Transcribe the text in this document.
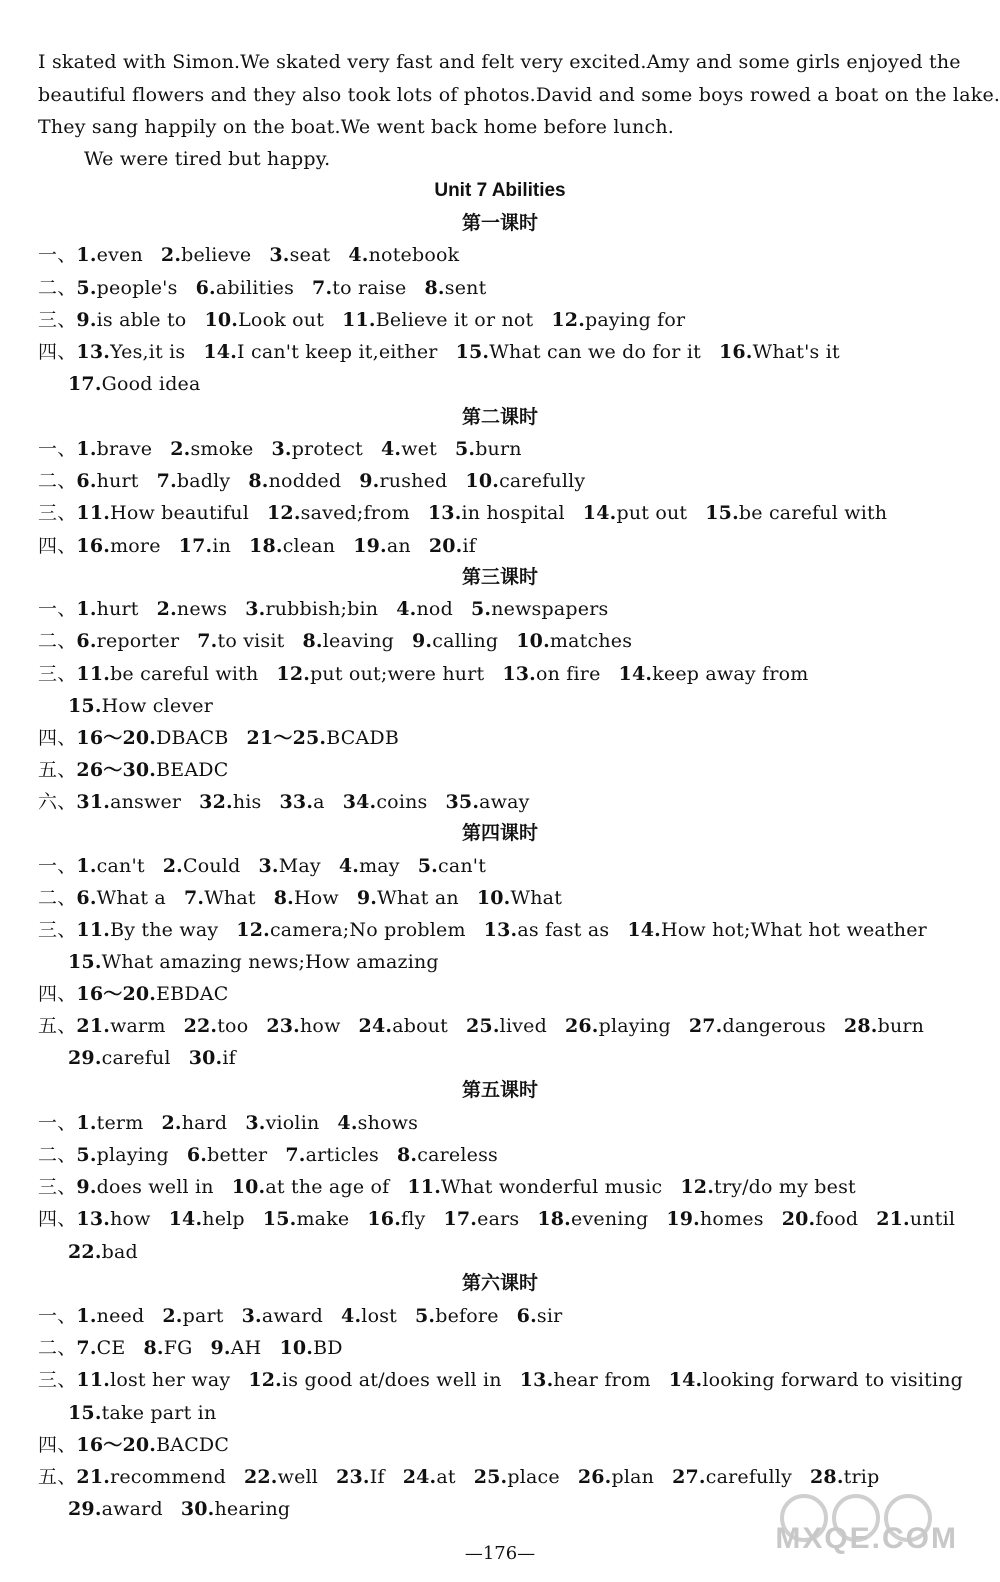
I skated with Simon.We skated very fast and felt very excited.Amy and some girls enjoyed the
beautiful flowers and they also took lots of photos.David and some boys rowed a boat on the lake.
They sang happily on the boat.We went back home before lunch.
We were tired but happy.
Unit 7 Abilities
第一课时
一、1.even 2.believe 3.seat 4.notebook
二、5.people's 6.abilities 7.to raise 8.sent
三、9.is able to 10.Look out 11.Believe it or not 12.paying for
四、13.Yes,it is 14.I can't keep it,either 15.What can we do for it 16.What's it
17.Good idea
第二课时
一、1.brave 2.smoke 3.protect 4.wet 5.burn
二、6.hurt 7.badly 8.nodded 9.rushed 10.carefully
三、11.How beautiful 12.saved;from 13.in hospital 14.put out 15.be careful with
四、16.more 17.in 18.clean 19.an 20.if
第三课时
一、1.hurt 2.news 3.rubbish;bin 4.nod 5.newspapers
二、6.reporter 7.to visit 8.leaving 9.calling 10.matches
三、11.be careful with 12.put out;were hurt 13.on fire 14.keep away from
15.How clever
四、16～20.DBACB 21～25.BCADB
五、26～30.BEADC
六、31.answer 32.his 33.a 34.coins 35.away
第四课时
一、1.can't 2.Could 3.May 4.may 5.can't
二、6.What a 7.What 8.How 9.What an 10.What
三、11.By the way 12.camera;No problem 13.as fast as 14.How hot;What hot weather
15.What amazing news;How amazing
四、16～20.EBDAC
五、21.warm 22.too 23.how 24.about 25.lived 26.playing 27.dangerous 28.burn
29.careful 30.if
第五课时
一、1.term 2.hard 3.violin 4.shows
二、5.playing 6.better 7.articles 8.careless
三、9.does well in 10.at the age of 11.What wonderful music 12.try/do my best
四、13.how 14.help 15.make 16.fly 17.ears 18.evening 19.homes 20.food 21.until
22.bad
第六课时
一、1.need 2.part 3.award 4.lost 5.before 6.sir
二、7.CE 8.FG 9.AH 10.BD
三、11.lost her way 12.is good at/does well in 13.hear from 14.looking forward to visiting
15.take part in
四、16～20.BACDC
五、21.recommend 22.well 23.If 24.at 25.place 26.plan 27.carefully 28.trip
29.award 30.hearing
—176—	MXQE.COM
